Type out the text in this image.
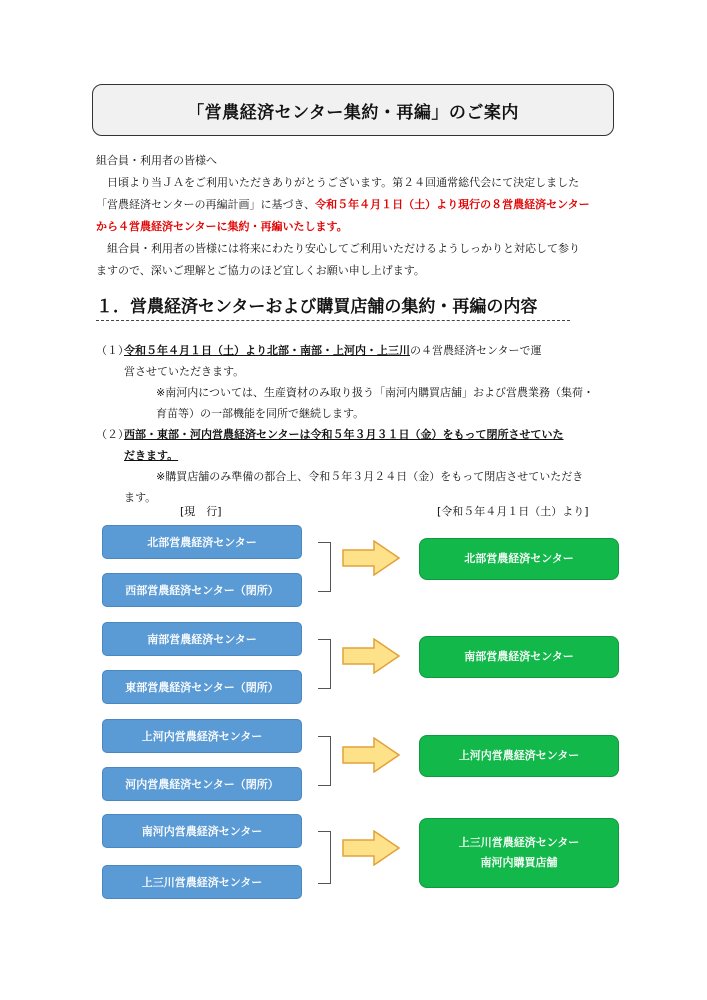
「営農経済センター集約・再編」のご案内

組合員・利用者の皆様へ

日頃より当ＪＡをご利用いただきありがとうございます。第２４回通常総代会にて決定しました

「営農経済センターの再編計画」に基づき、令和５年４月１日（土）より現行の８営農経済センター

から４営農経済センターに集約・再編いたします。

組合員・利用者の皆様には将来にわたり安心してご利用いただけるようしっかりと対応して参り

ますので、深いご理解とご協力のほど宜しくお願い申し上げます。

１．営農経済センターおよび購買店舗の集約・再編の内容
（１）
令和５年４月１日（土）より北部・南部・上河内・上三川の４営農経済センターで運
営させていただきます。
※南河内については、生産資材のみ取り扱う「南河内購買店舗」および営農業務（集荷・
育苗等）の一部機能を同所で継続します。
（２）
西部・東部・河内営農経済センターは令和５年３月３１日（金）をもって閉所させていた
だきます。
※購買店舗のみ準備の都合上、令和５年３月２４日（金）をもって閉店させていただき
ます。
[現　行]	[令和５年４月１日（土）より]
北部営農経済センター
西部営農経済センター（閉所）
北部営農経済センター
南部営農経済センター
東部営農経済センター（閉所）
南部営農経済センター
上河内営農経済センター
河内営農経済センター（閉所）
上河内営農経済センター
南河内営農経済センター
上三川営農経済センター
上三川営農経済センター
南河内購買店舗
